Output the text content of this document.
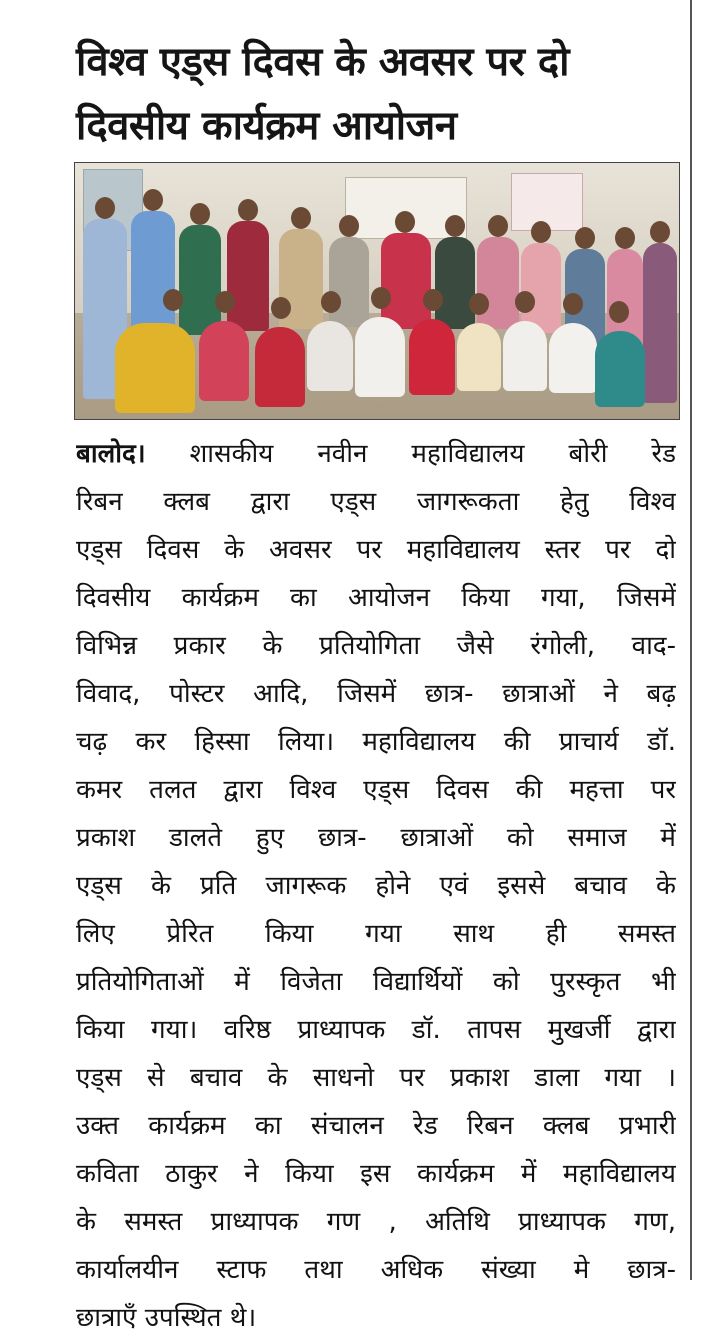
विश्व एड्स दिवस के अवसर पर दो
दिवसीय कार्यक्रम आयोजन
बालोद। शासकीय नवीन महाविद्यालय बोरी रेड
रिबन क्लब द्वारा एड्स जागरूकता हेतु विश्व
एड्स दिवस के अवसर पर महाविद्यालय स्तर पर दो
दिवसीय कार्यक्रम का आयोजन किया गया, जिसमें
विभिन्न प्रकार के प्रतियोगिता जैसे रंगोली, वाद-
विवाद, पोस्टर आदि, जिसमें छात्र- छात्राओं ने बढ़
चढ़ कर हिस्सा लिया। महाविद्यालय की प्राचार्य डॉ.
कमर तलत द्वारा विश्व एड्स दिवस की महत्ता पर
प्रकाश डालते हुए छात्र- छात्राओं को समाज में
एड्स के प्रति जागरूक होने एवं इससे बचाव के
लिए प्रेरित किया गया साथ ही समस्त
प्रतियोगिताओं में विजेता विद्यार्थियों को पुरस्कृत भी
किया गया। वरिष्ठ प्राध्यापक डॉ. तापस मुखर्जी द्वारा
एड्स से बचाव के साधनो पर प्रकाश डाला गया ।
उक्त कार्यक्रम का संचालन रेड रिबन क्लब प्रभारी
कविता ठाकुर ने किया इस कार्यक्रम में महाविद्यालय
के समस्त प्राध्यापक गण , अतिथि प्राध्यापक गण,
कार्यालयीन स्टाफ तथा अधिक संख्या मे छात्र-
छात्राएँ उपस्थित थे।
